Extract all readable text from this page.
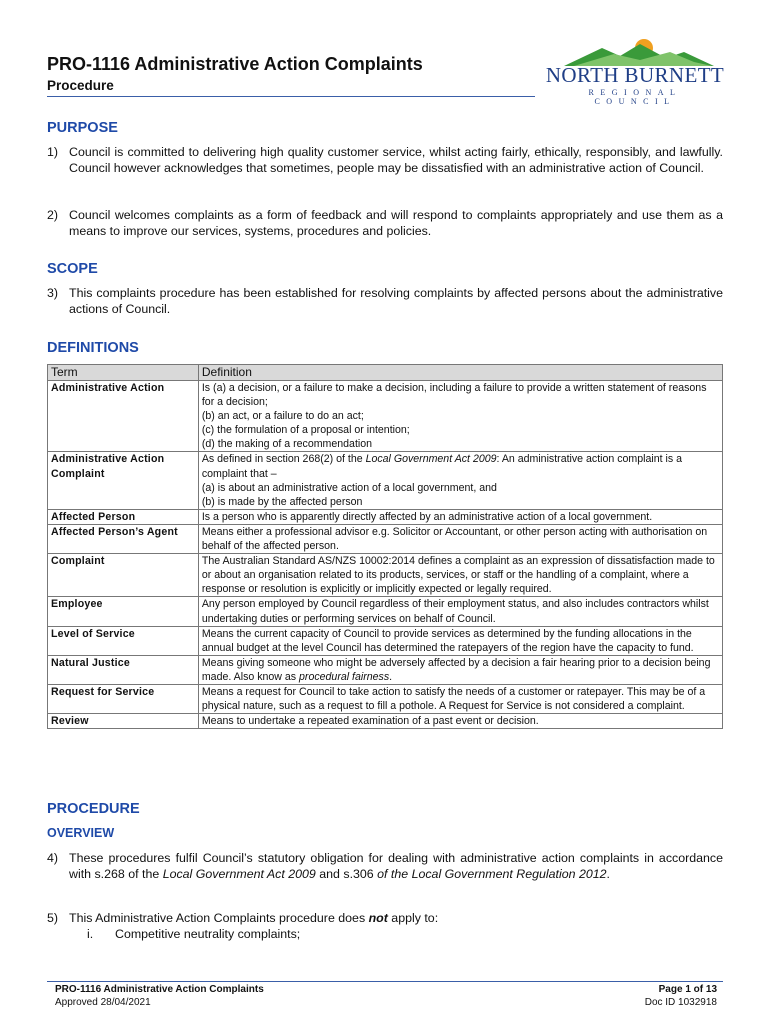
PRO-1116 Administrative Action Complaints
Procedure	NORTH BURNETT
REGIONAL COUNCIL
PURPOSE
1) Council is committed to delivering high quality customer service, whilst acting fairly, ethically, responsibly, and lawfully. Council however acknowledges that sometimes, people may be dissatisfied with an administrative action of Council.
2) Council welcomes complaints as a form of feedback and will respond to complaints appropriately and use them as a means to improve our services, systems, procedures and policies.
SCOPE
3) This complaints procedure has been established for resolving complaints by affected persons about the administrative actions of Council.
DEFINITIONS
Term	Definition
Administrative Action	Is (a) a decision, or a failure to make a decision, including a failure to provide a written statement of reasons for a decision;
(b) an act, or a failure to do an act;
(c) the formulation of a proposal or intention;
(d) the making of a recommendation

Administrative Action Complaint	As defined in section 268(2) of the Local Government Act 2009: An administrative action complaint is a complaint that –
(a) is about an administrative action of a local government, and
(b) is made by the affected person

Affected Person	Is a person who is apparently directly affected by an administrative action of a local government.

Affected Person’s Agent	Means either a professional advisor e.g. Solicitor or Accountant, or other person acting with authorisation on behalf of the affected person.

Complaint	The Australian Standard AS/NZS 10002:2014 defines a complaint as an expression of dissatisfaction made to or about an organisation related to its products, services, or staff or the handling of a complaint, where a response or resolution is explicitly or implicitly expected or legally required.

Employee	Any person employed by Council regardless of their employment status, and also includes contractors whilst undertaking duties or performing services on behalf of Council.

Level of Service	Means the current capacity of Council to provide services as determined by the funding allocations in the annual budget at the level Council has determined the ratepayers of the region have the capacity to fund.

Natural Justice	Means giving someone who might be adversely affected by a decision a fair hearing prior to a decision being made. Also know as procedural fairness.

Request for Service	Means a request for Council to take action to satisfy the needs of a customer or ratepayer. This may be of a physical nature, such as a request to fill a pothole. A Request for Service is not considered a complaint.

Review	Means to undertake a repeated examination of a past event or decision.
PROCEDURE
OVERVIEW
4) These procedures fulfil Council’s statutory obligation for dealing with administrative action complaints in accordance with s.268 of the Local Government Act 2009 and s.306 of the Local Government Regulation 2012.
5) This Administrative Action Complaints procedure does not apply to:
i. Competitive neutrality complaints;
PRO-1116 Administrative Action Complaints
Approved 28/04/2021
Page 1 of 13
Doc ID 1032918
